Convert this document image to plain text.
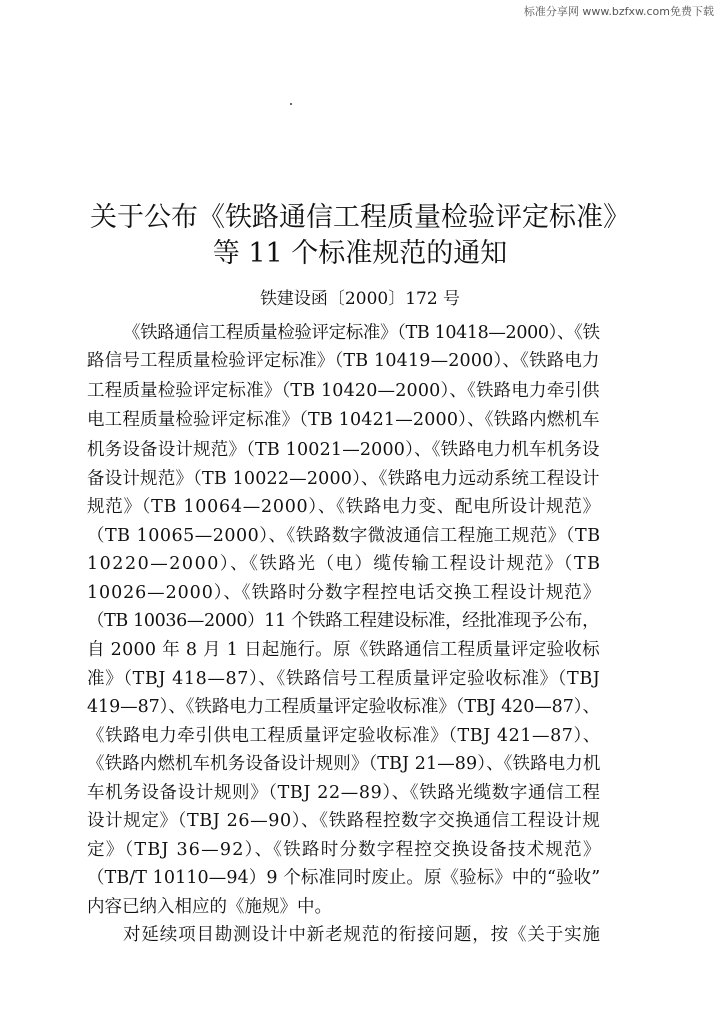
标准分享网 www.bzfxw.com免费下载
关于公布《铁路通信工程质量检验评定标准》
等 11 个标准规范的通知
铁建设函〔2000〕172 号
《铁路通信工程质量检验评定标准》（TB 10418—2000）、《铁
路信号工程质量检验评定标准》（TB 10419—2000）、《铁路电力
工程质量检验评定标准》（TB 10420—2000）、《铁路电力牵引供
电工程质量检验评定标准》（TB 10421—2000）、《铁路内燃机车
机务设备设计规范》（TB 10021—2000）、《铁路电力机车机务设
备设计规范》（TB 10022—2000）、《铁路电力远动系统工程设计
规范》（TB 10064—2000）、《铁路电力变、配电所设计规范》
（TB 10065—2000）、《铁路数字微波通信工程施工规范》（TB
10220—2000）、《铁路光（电）缆传输工程设计规范》（TB
10026—2000）、《铁路时分数字程控电话交换工程设计规范》
（TB 10036—2000）11 个铁路工程建设标准，经批准现予公布，
自 2000 年 8 月 1 日起施行。原《铁路通信工程质量评定验收标
准》（TBJ 418—87）、《铁路信号工程质量评定验收标准》（TBJ
419—87）、《铁路电力工程质量评定验收标准》（TBJ 420—87）、
《铁路电力牵引供电工程质量评定验收标准》（TBJ 421—87）、
《铁路内燃机车机务设备设计规则》（TBJ 21—89）、《铁路电力机
车机务设备设计规则》（TBJ 22—89）、《铁路光缆数字通信工程
设计规定》（TBJ 26—90）、《铁路程控数字交换通信工程设计规
定》（TBJ 36—92）、《铁路时分数字程控交换设备技术规范》
（TB/T 10110—94）9 个标准同时废止。原《验标》中的“验收”
内容已纳入相应的《施规》中。
对延续项目勘测设计中新老规范的衔接问题，按《关于实施
